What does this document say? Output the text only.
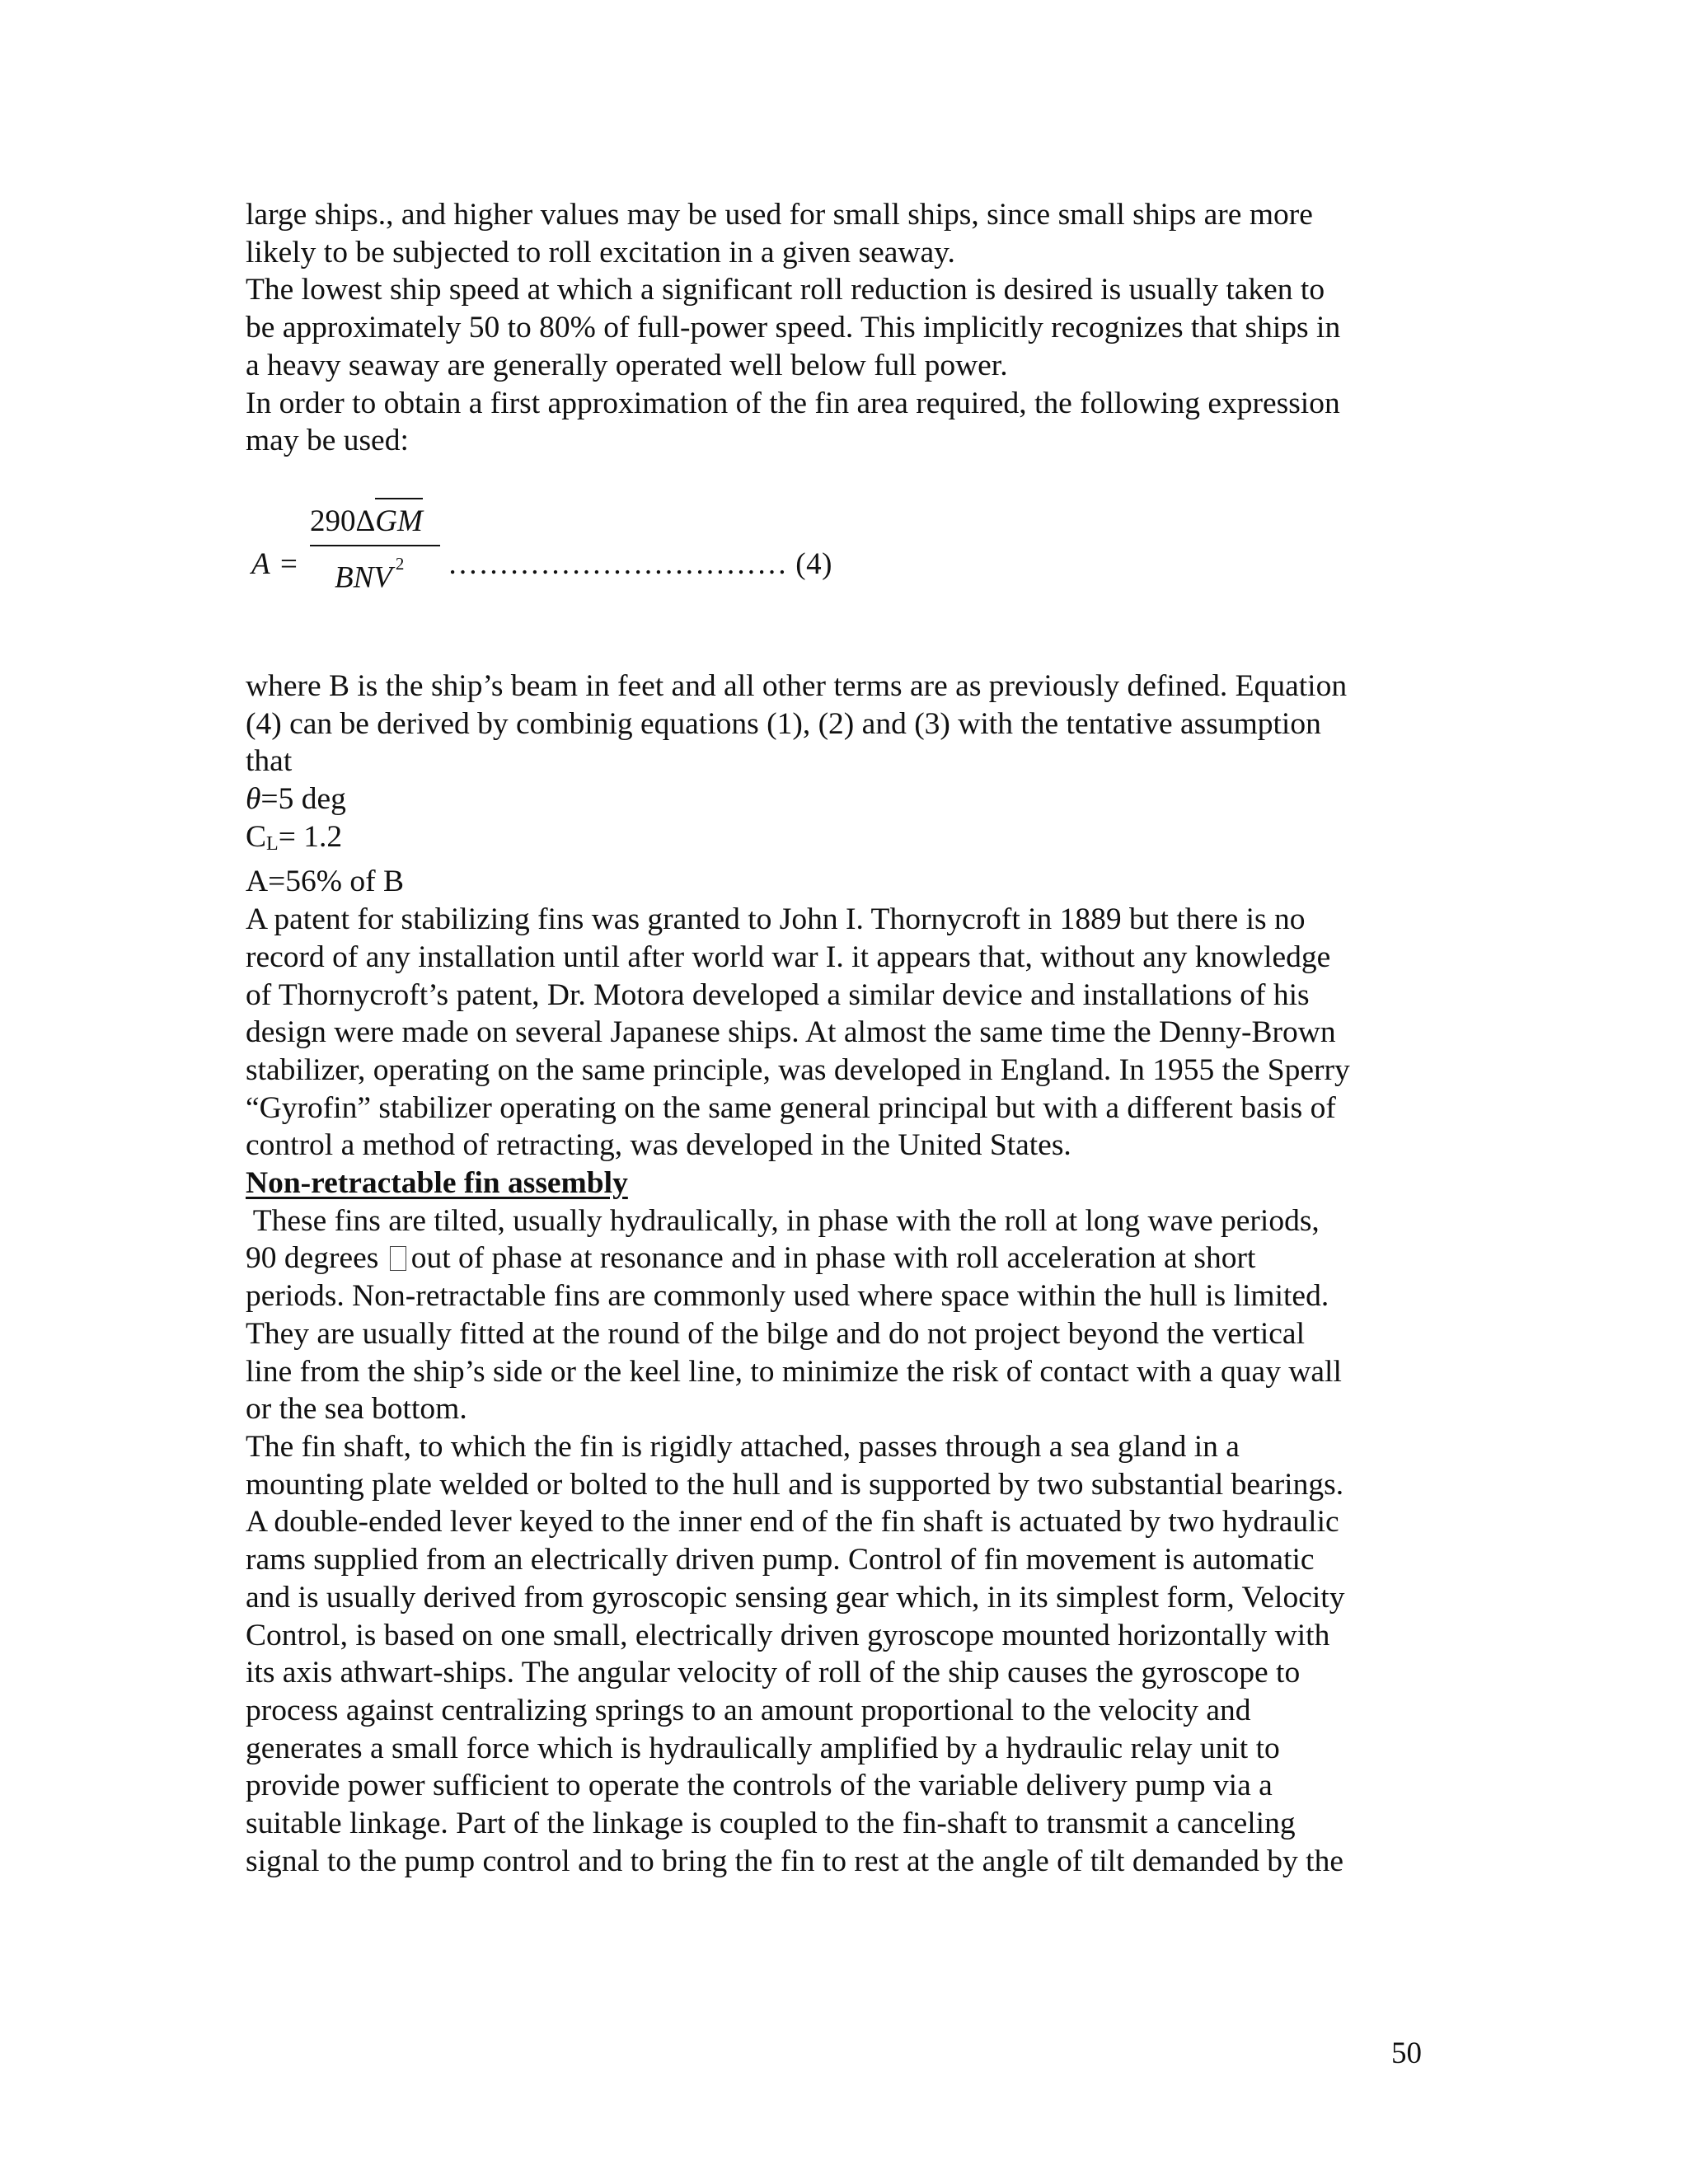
large ships., and higher values may be used for small ships, since small ships are more
likely to be subjected to roll excitation in a given seaway.
The lowest ship speed at which a significant roll reduction is desired is usually taken to
be approximately 50 to 80% of full-power speed. This implicitly recognizes that ships in
a heavy seaway are generally operated well below full power.
In order to obtain a first approximation of the fin area required, the following expression
may be used:

A =
290ΔGM
BNV $^2$ …………………………… (4)

where B is the ship’s beam in feet and all other terms are as previously defined. Equation
(4) can be derived by combinig equations (1), (2) and (3) with the tentative assumption
that
θ=5 deg
CL= 1.2
A=56% of B

A patent for stabilizing fins was granted to John I. Thornycroft in 1889 but there is no
record of any installation until after world war I. it appears that, without any knowledge
of Thornycroft’s patent, Dr. Motora developed a similar device and installations of his
design were made on several Japanese ships. At almost the same time the Denny-Brown
stabilizer, operating on the same principle, was developed in England. In 1955 the Sperry
“Gyrofin” stabilizer operating on the same general principal but with a different basis of
control a method of retracting, was developed in the United States.

Non-retractable fin assembly

These fins are tilted, usually hydraulically, in phase with the roll at long wave periods,
90 degrees out of phase at resonance and in phase with roll acceleration at short
periods. Non-retractable fins are commonly used where space within the hull is limited.
They are usually fitted at the round of the bilge and do not project beyond the vertical
line from the ship’s side or the keel line, to minimize the risk of contact with a quay wall
or the sea bottom.

The fin shaft, to which the fin is rigidly attached, passes through a sea gland in a
mounting plate welded or bolted to the hull and is supported by two substantial bearings.
A double-ended lever keyed to the inner end of the fin shaft is actuated by two hydraulic
rams supplied from an electrically driven pump. Control of fin movement is automatic
and is usually derived from gyroscopic sensing gear which, in its simplest form, Velocity
Control, is based on one small, electrically driven gyroscope mounted horizontally with
its axis athwart-ships. The angular velocity of roll of the ship causes the gyroscope to
process against centralizing springs to an amount proportional to the velocity and
generates a small force which is hydraulically amplified by a hydraulic relay unit to
provide power sufficient to operate the controls of the variable delivery pump via a
suitable linkage. Part of the linkage is coupled to the fin-shaft to transmit a canceling
signal to the pump control and to bring the fin to rest at the angle of tilt demanded by the

50
